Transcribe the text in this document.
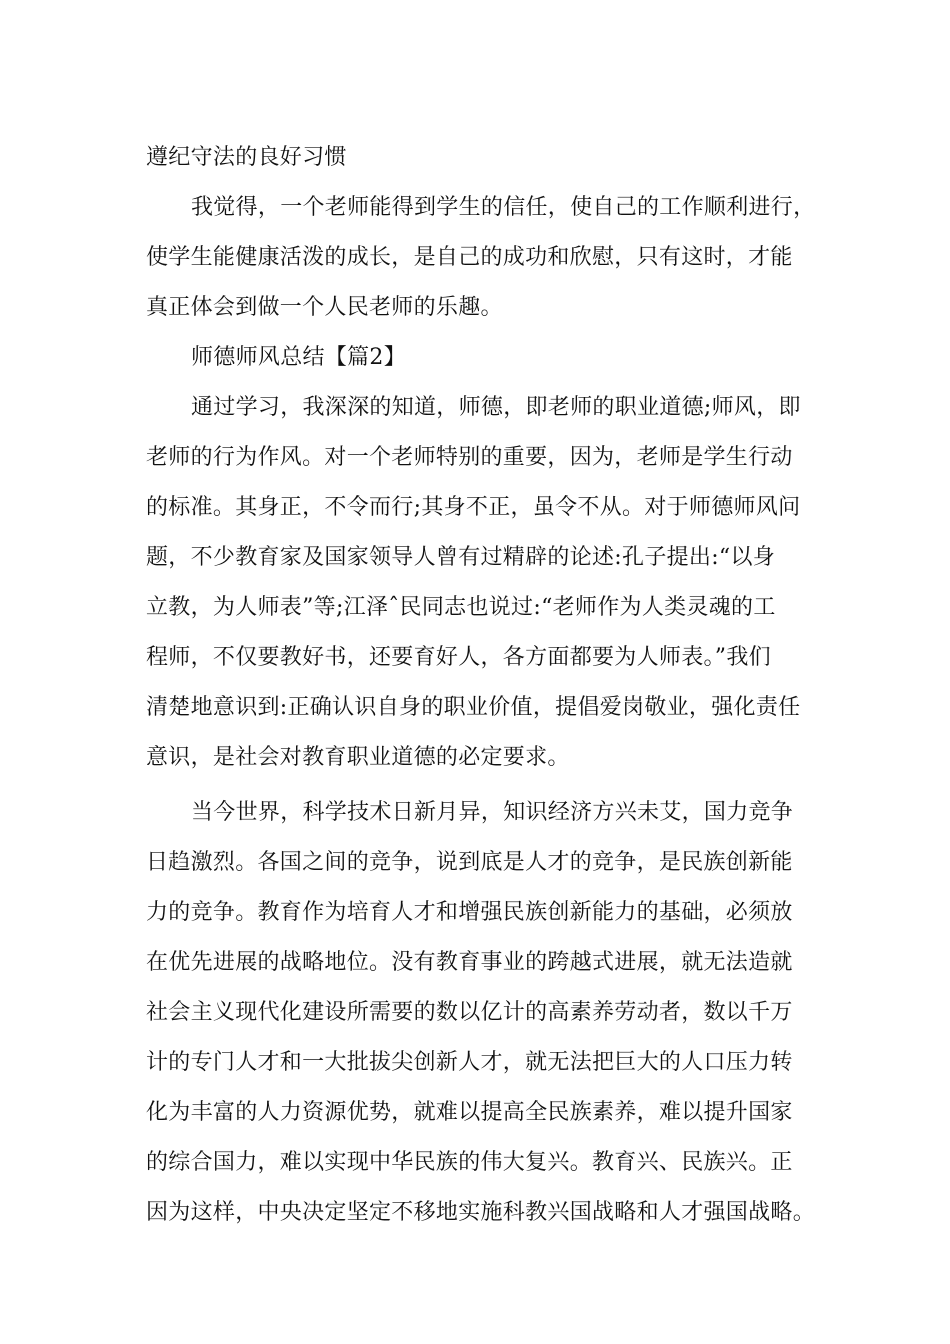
遵纪守法的良好习惯
我觉得，一个老师能得到学生的信任，使自己的工作顺利进行，
使学生能健康活泼的成长，是自己的成功和欣慰，只有这时，才能
真正体会到做一个人民老师的乐趣。
师德师风总结【篇2】
通过学习，我深深的知道，师德，即老师的职业道德;师风，即
老师的行为作风。对一个老师特别的重要，因为，老师是学生行动
的标准。其身正，不令而行;其身不正，虽令不从。对于师德师风问
题，不少教育家及国家领导人曾有过精辟的论述:孔子提出:“以身
立教，为人师表”等;江泽ˆ民同志也说过:“老师作为人类灵魂的工
程师，不仅要教好书，还要育好人，各方面都要为人师表。”我们
清楚地意识到:正确认识自身的职业价值，提倡爱岗敬业，强化责任
意识，是社会对教育职业道德的必定要求。
当今世界，科学技术日新月异，知识经济方兴未艾，国力竞争
日趋激烈。各国之间的竞争，说到底是人才的竞争，是民族创新能
力的竞争。教育作为培育人才和增强民族创新能力的基础，必须放
在优先进展的战略地位。没有教育事业的跨越式进展，就无法造就
社会主义现代化建设所需要的数以亿计的高素养劳动者，数以千万
计的专门人才和一大批拔尖创新人才，就无法把巨大的人口压力转
化为丰富的人力资源优势，就难以提高全民族素养，难以提升国家
的综合国力，难以实现中华民族的伟大复兴。教育兴、民族兴。正
因为这样，中央决定坚定不移地实施科教兴国战略和人才强国战略。
